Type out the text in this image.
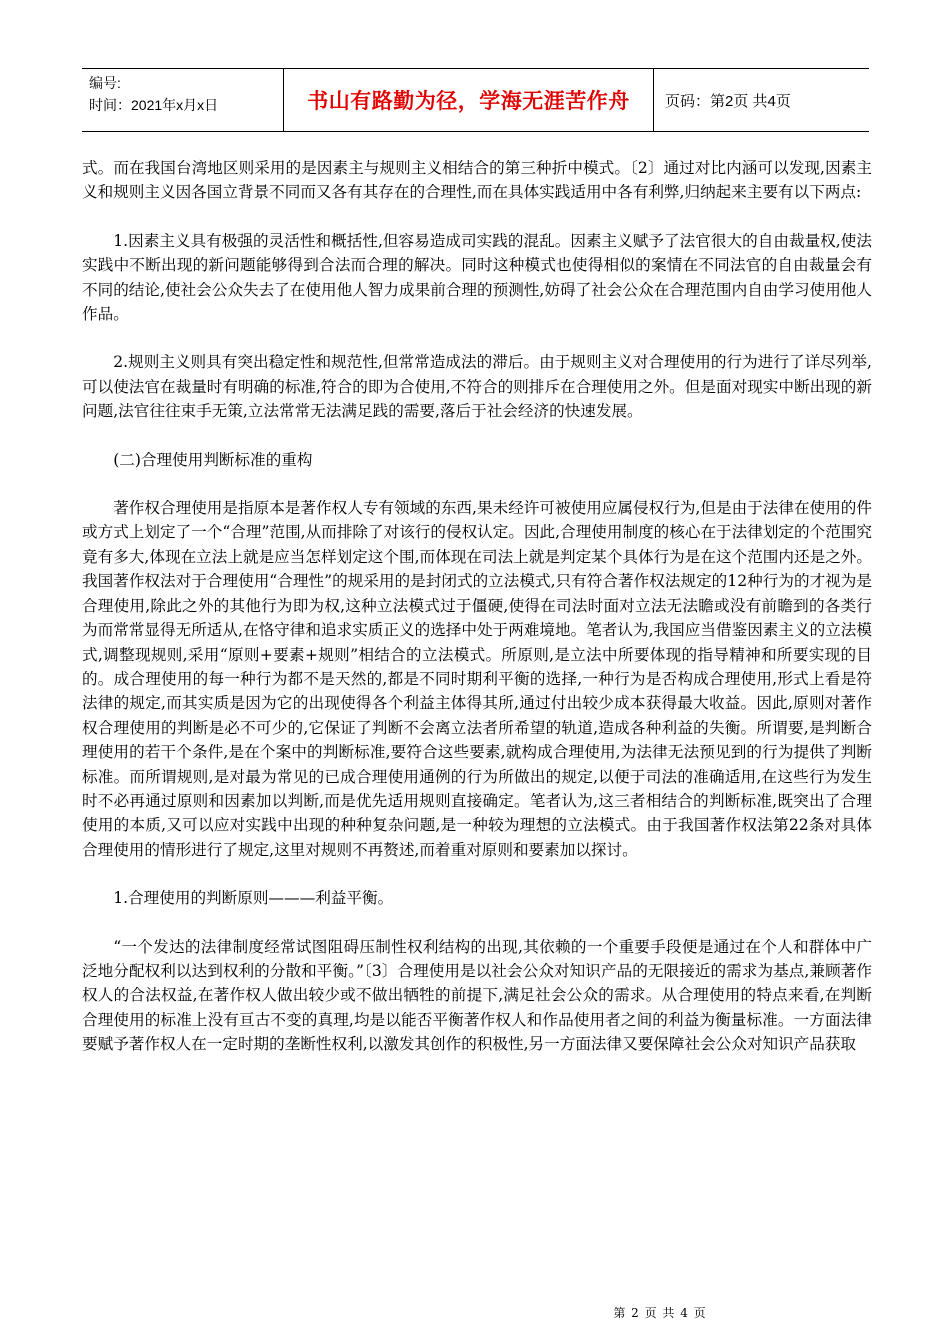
编号:
时间：2021年x月x日	书山有路勤为径，学海无涯苦作舟 页码：第2页 共4页

式。而在我国台湾地区则采用的是因素主与规则主义相结合的第三种折中模式。〔2〕通过对比内涵可以发现,因素主义和规则主义因各国立背景不同而又各有其存在的合理性,而在具体实践适用中各有利弊,归纳起来主要有以下两点:

1.因素主义具有极强的灵活性和概括性,但容易造成司实践的混乱。因素主义赋予了法官很大的自由裁量权,使法实践中不断出现的新问题能够得到合法而合理的解决。同时这种模式也使得相似的案情在不同法官的自由裁量会有不同的结论,使社会公众失去了在使用他人智力成果前合理的预测性,妨碍了社会公众在合理范围内自由学习使用他人作品。

2.规则主义则具有突出稳定性和规范性,但常常造成法的滞后。由于规则主义对合理使用的行为进行了详尽列举,可以使法官在裁量时有明确的标准,符合的即为合使用,不符合的则排斥在合理使用之外。但是面对现实中断出现的新问题,法官往往束手无策,立法常常无法满足践的需要,落后于社会经济的快速发展。

(二)合理使用判断标准的重构

著作权合理使用是指原本是著作权人专有领域的东西,果未经许可被使用应属侵权行为,但是由于法律在使用的件或方式上划定了一个“合理”范围,从而排除了对该行的侵权认定。因此,合理使用制度的核心在于法律划定的个范围究竟有多大,体现在立法上就是应当怎样划定这个围,而体现在司法上就是判定某个具体行为是在这个范围内还是之外。我国著作权法对于合理使用“合理性”的规采用的是封闭式的立法模式,只有符合著作权法规定的12种行为的才视为是合理使用,除此之外的其他行为即为权,这种立法模式过于僵硬,使得在司法时面对立法无法瞻或没有前瞻到的各类行为而常常显得无所适从,在恪守律和追求实质正义的选择中处于两难境地。笔者认为,我国应当借鉴因素主义的立法模式,调整现规则,采用“原则+要素+规则”相结合的立法模式。所原则,是立法中所要体现的指导精神和所要实现的目的。成合理使用的每一种行为都不是天然的,都是不同时期利平衡的选择,一种行为是否构成合理使用,形式上看是符法律的规定,而其实质是因为它的出现使得各个利益主体得其所,通过付出较少成本获得最大收益。因此,原则对著作权合理使用的判断是必不可少的,它保证了判断不会离立法者所希望的轨道,造成各种利益的失衡。所谓要,是判断合理使用的若干个条件,是在个案中的判断标准,要符合这些要素,就构成合理使用,为法律无法预见到的行为提供了判断标准。而所谓规则,是对最为常见的已成合理使用通例的行为所做出的规定,以便于司法的准确适用,在这些行为发生时不必再通过原则和因素加以判断,而是优先适用规则直接确定。笔者认为,这三者相结合的判断标准,既突出了合理使用的本质,又可以应对实践中出现的种种复杂问题,是一种较为理想的立法模式。由于我国著作权法第22条对具体合理使用的情形进行了规定,这里对规则不再赘述,而着重对原则和要素加以探讨。

1.合理使用的判断原则———利益平衡。

“一个发达的法律制度经常试图阻碍压制性权利结构的出现,其依赖的一个重要手段便是通过在个人和群体中广泛地分配权利以达到权利的分散和平衡。”〔3〕合理使用是以社会公众对知识产品的无限接近的需求为基点,兼顾著作权人的合法权益,在著作权人做出较少或不做出牺牲的前提下,满足社会公众的需求。从合理使用的特点来看,在判断合理使用的标准上没有亘古不变的真理,均是以能否平衡著作权人和作品使用者之间的利益为衡量标准。一方面法律要赋予著作权人在一定时期的垄断性权利,以激发其创作的积极性,另一方面法律又要保障社会公众对知识产品获取

第 2 页 共 4 页
